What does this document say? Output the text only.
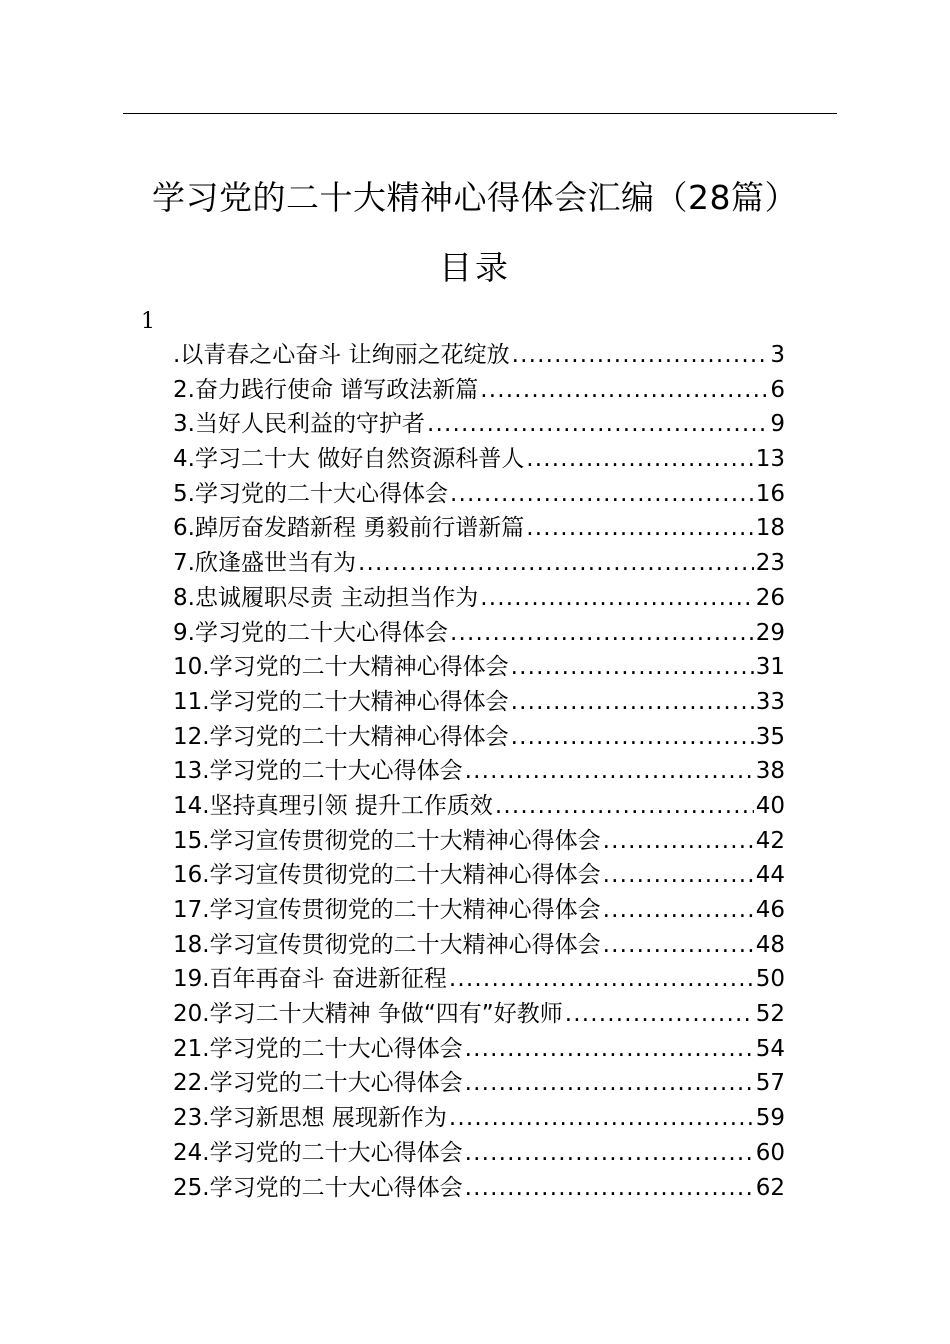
学习党的二十大精神心得体会汇编（28篇）
目录
1
.以青春之心奋斗 让绚丽之花绽放 .....	3
2.奋力践行使命 谱写政法新篇 .....	6
3.当好人民利益的守护者 .....	9
4.学习二十大 做好自然资源科普人 .....	13
5.学习党的二十大心得体会 .....	16
6.踔厉奋发踏新程 勇毅前行谱新篇 .....	18
7.欣逢盛世当有为 .....	23
8.忠诚履职尽责 主动担当作为 .....	26
9.学习党的二十大心得体会 .....	29
10.学习党的二十大精神心得体会 .....	31
11.学习党的二十大精神心得体会 .....	33
12.学习党的二十大精神心得体会 .....	35
13.学习党的二十大心得体会 .....	38
14.坚持真理引领 提升工作质效 .....	40
15.学习宣传贯彻党的二十大精神心得体会 .....	42
16.学习宣传贯彻党的二十大精神心得体会 .....	44
17.学习宣传贯彻党的二十大精神心得体会 .....	46
18.学习宣传贯彻党的二十大精神心得体会 .....	48
19.百年再奋斗 奋进新征程 .....	50
20.学习二十大精神 争做“四有”好教师 .....	52
21.学习党的二十大心得体会 .....	54
22.学习党的二十大心得体会 .....	57
23.学习新思想 展现新作为 .....	59
24.学习党的二十大心得体会 .....	60
25.学习党的二十大心得体会 .....	62
